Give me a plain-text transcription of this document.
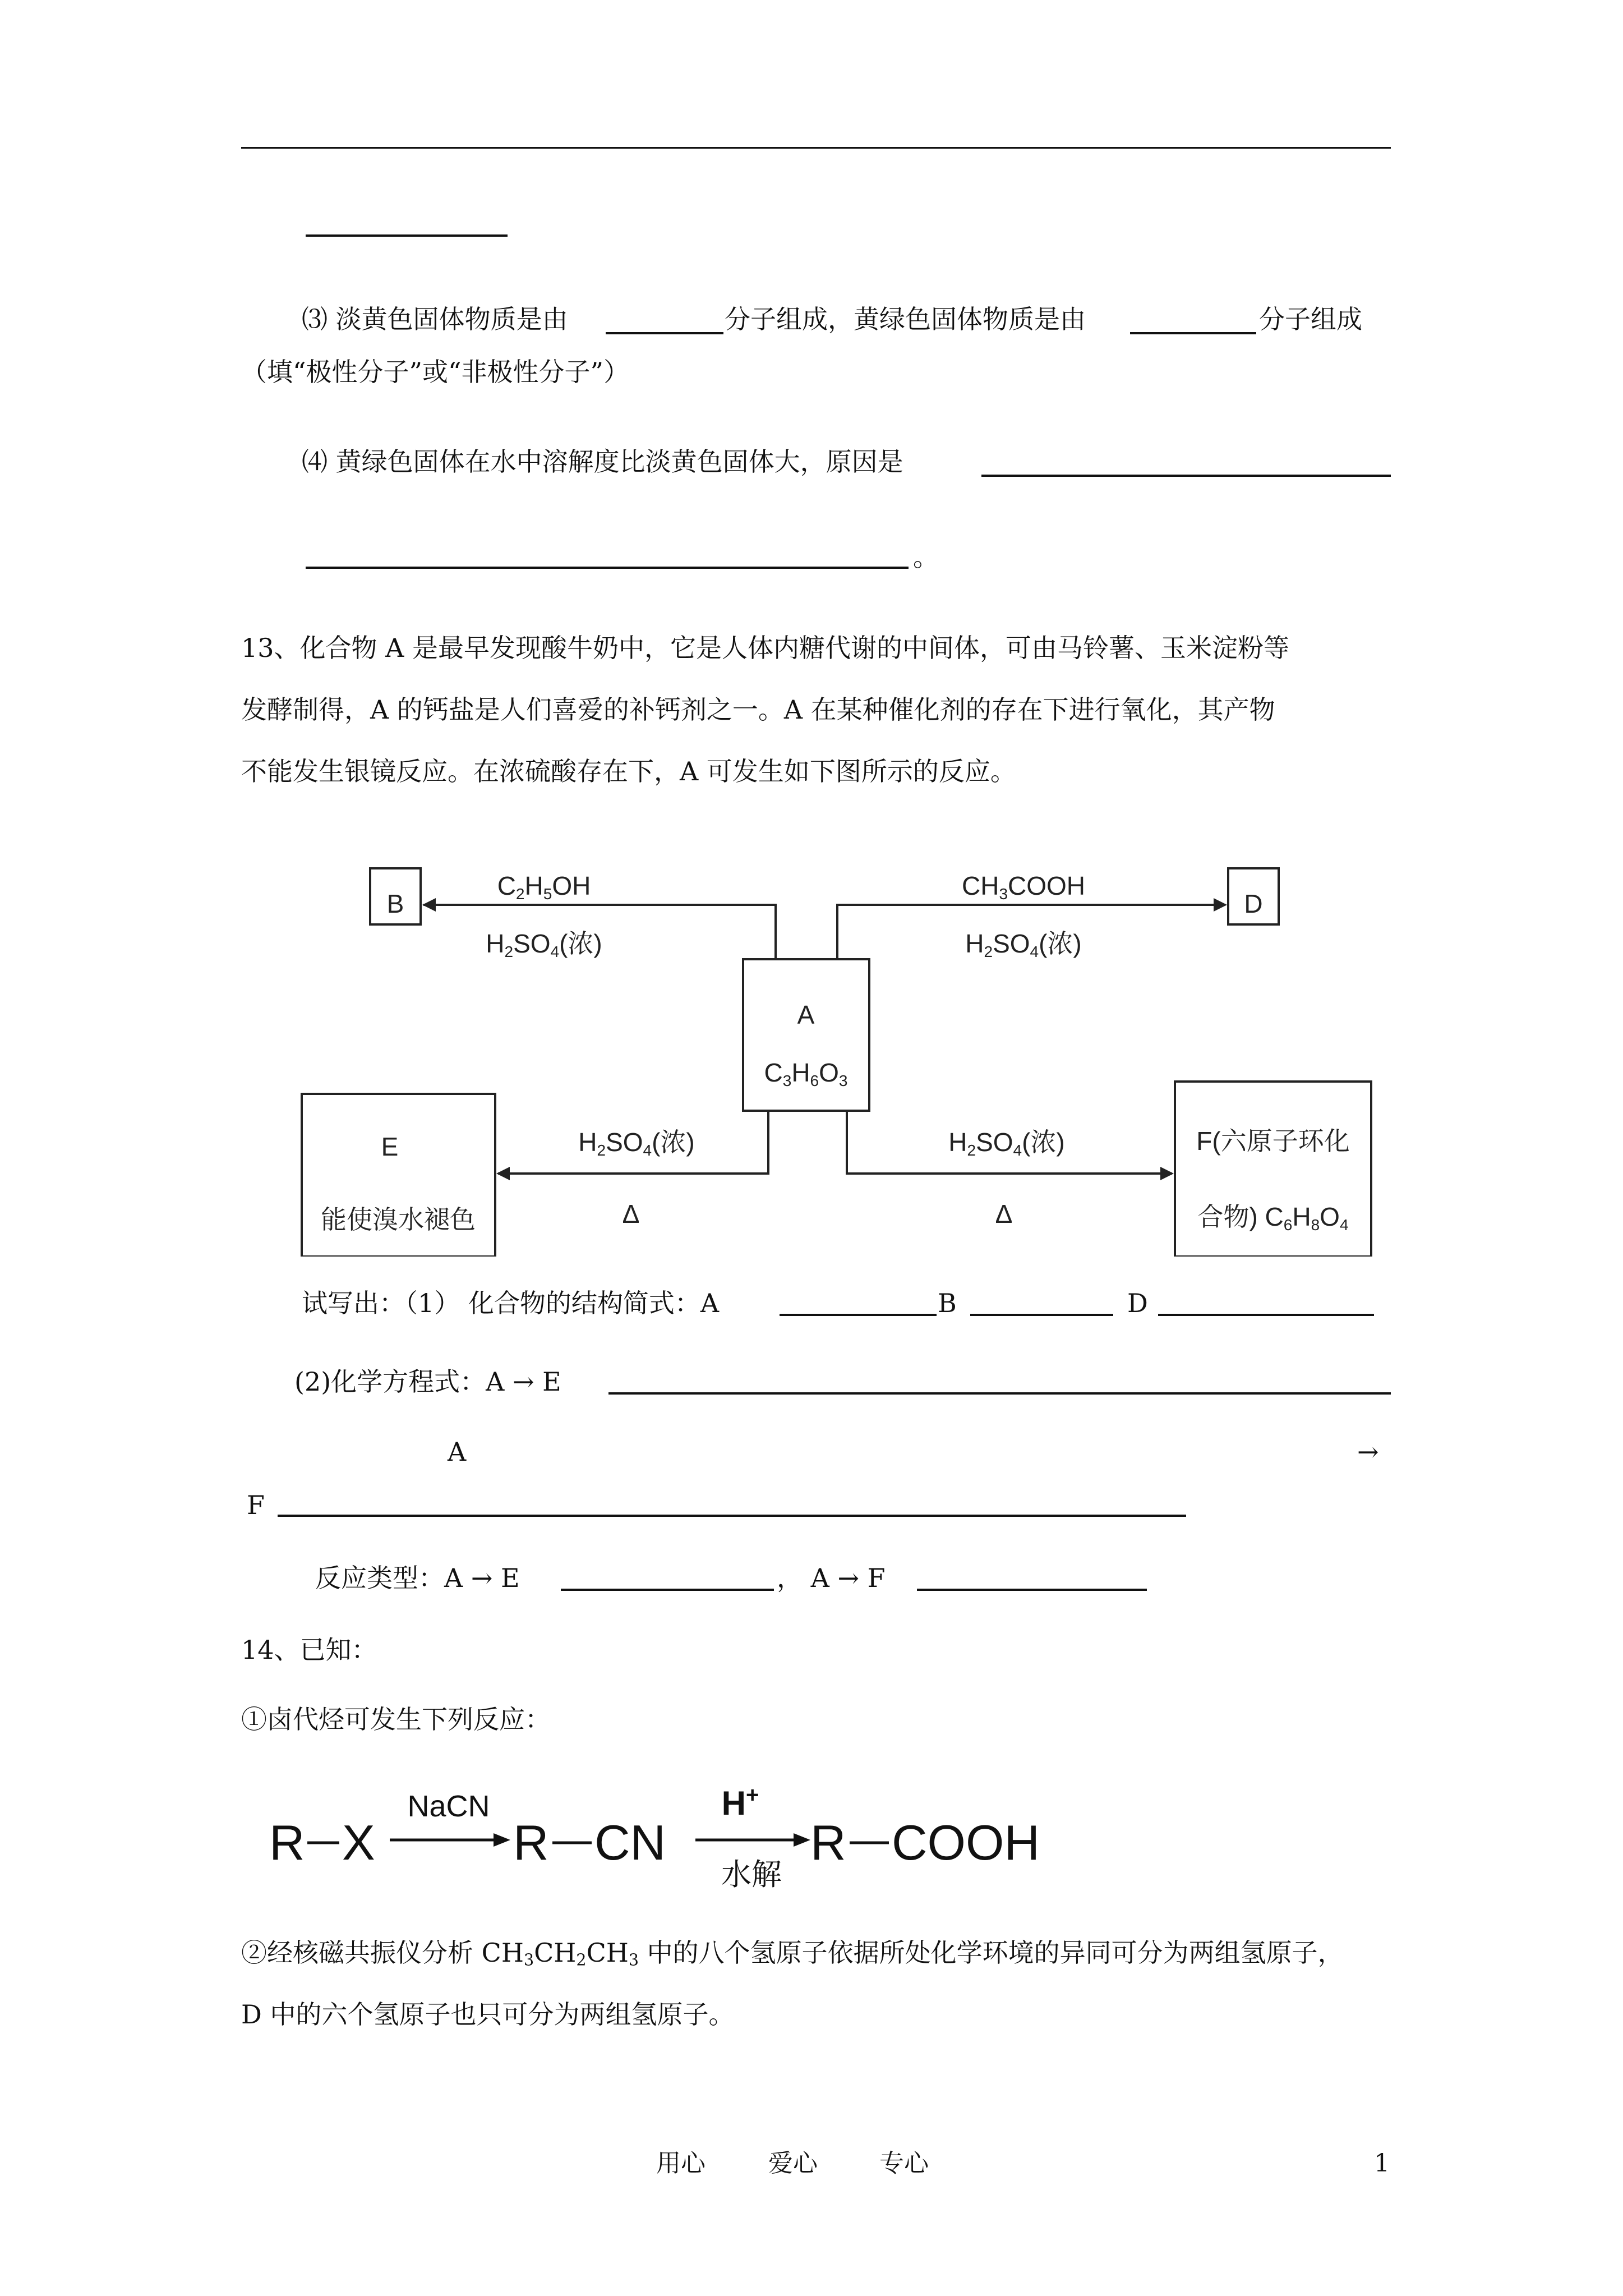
⑶ 淡黄色固体物质是由	分子组成，黄绿色固体物质是由	分子组成
（填“极性分子”或“非极性分子”）
⑷ 黄绿色固体在水中溶解度比淡黄色固体大，原因是
。
13、化合物 A 是最早发现酸牛奶中，它是人体内糖代谢的中间体，可由马铃薯、玉米淀粉等
发酵制得，A 的钙盐是人们喜爱的补钙剂之一。A 在某种催化剂的存在下进行氧化，其产物
不能发生银镜反应。在浓硫酸存在下，A 可发生如下图所示的反应。
B	D
A
C3H6O3
C2H5OH
H2SO4(浓)
CH3COOH
H2SO4(浓)
H2SO4(浓)
Δ
H2SO4(浓)
Δ
E
能使溴水褪色
F(六原子环化
合物) C6H8O4
试写出：（1） 化合物的结构简式：A	B	D
(2)化学方程式：A → E
A	→
F
反应类型：A → E	， A → F
14、已知：
①卤代烃可发生下列反应：
R X
NaCN
R CN
H+
水解
R COOH
②经核磁共振仪分析 $CH_3CH_2CH_3$ 中的八个氢原子依据所处化学环境的异同可分为两组氢原子，
D 中的六个氢原子也只可分为两组氢原子。
用心	爱心	专心	1
